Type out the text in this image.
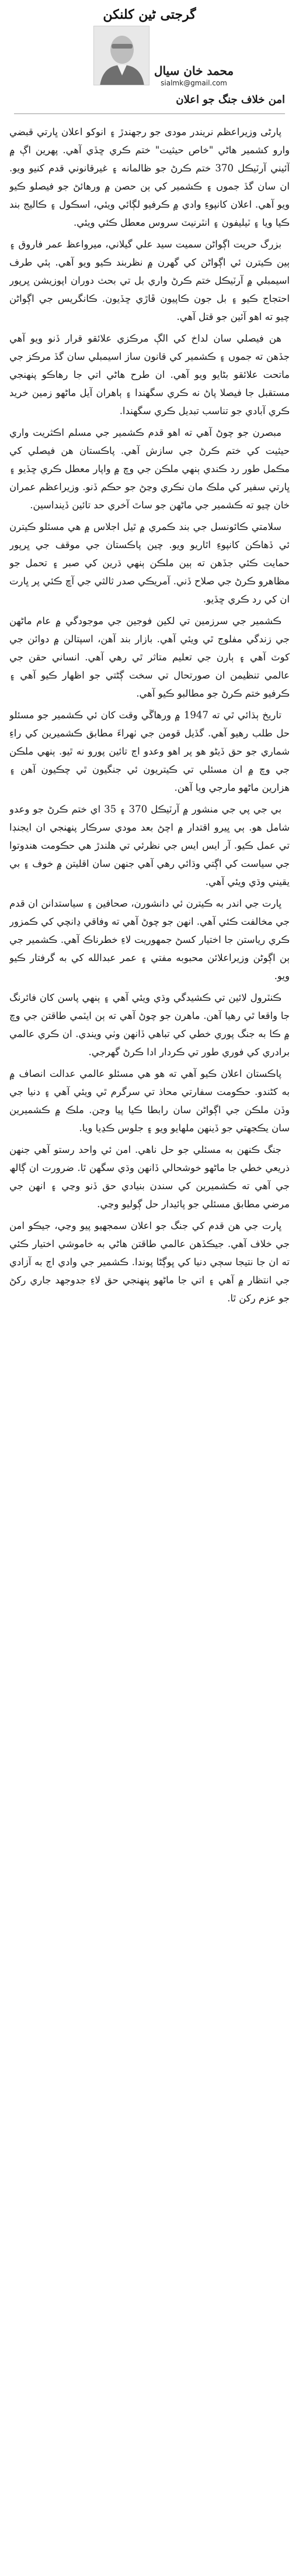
گرجتی ٹین کلنکن
محمد خان سیال
sialmk@gmail.com
امن خلاف جنگ جو اعلان

پارٹی وزیراعظم نریندر مودی جو رجھندڙ ۽ انوکو اعلان ڀارتي قبضي وارو کشمير ھاڻي "خاص حيثيت" ختم ڪري ڇڏي آھي. پھرين اڳ ۾ آئيني آرٽيڪل 370 ختم ڪرڻ جو ظالمانه ۽ غيرقانوني قدم کنيو ويو. ان سان گڏ جموں ۽ ڪشمير کي ٻن حصن ۾ ورھائڻ جو فيصلو ڪيو ويو آھي. اعلان کانپوءِ وادي ۾ ڪرفيو لڳائي ويئي، اسڪول ۽ ڪاليج بند ڪيا ويا ۽ ٽيليفون ۽ انٽرنيٽ سروس معطل ڪئي ويئي.

بزرگ حريت اڳواڻن سميت سيد علي گيلاني، ميرواعظ عمر فاروق ۽ ٻين ڪيترن ئي اڳواڻن کي گھرن ۾ نظربند ڪيو ويو آھي. ٻئي طرف اسيمبلي ۾ آرٽيڪل ختم ڪرڻ واري بل تي بحث دوران اپوزيشن ڀرپور احتجاج ڪيو ۽ بل جون ڪاپيون ڦاڙي ڇڏيون. ڪانگريس جي اڳواڻن چيو ته اھو آئين جو قتل آھي.

ھن فيصلي سان لداخ کي الڳ مرڪزي علائقو قرار ڏنو ويو آھي جڏھن ته جموں ۽ ڪشمير کي قانون ساز اسيمبلي سان گڏ مرڪز جي ماتحت علائقو بڻايو ويو آھي. ان طرح ھاڻي اتي جا رھاڪو پنھنجي مستقبل جا فيصلا پاڻ نه ڪري سگھندا ۽ ٻاھران آيل ماڻھو زمين خريد ڪري آبادي جو تناسب تبديل ڪري سگھندا.

مبصرن جو چوڻ آھي ته اھو قدم ڪشمير جي مسلم اڪثريت واري حيثيت کي ختم ڪرڻ جي سازش آھي. پاڪستان ھن فيصلي کي مڪمل طور رد ڪندي ٻنھي ملڪن جي وچ ۾ واپار معطل ڪري ڇڏيو ۽ ڀارتي سفير کي ملڪ مان نڪري وڃڻ جو حڪم ڏنو. وزيراعظم عمران خان چيو ته ڪشمير جي ماڻھن جو ساٿ آخري حد تائين ڏينداسين.

سلامتي ڪائونسل جي بند ڪمري ۾ ٿيل اجلاس ۾ ھي مسئلو ڪيترن ئي ڏهاڪن کانپوءِ اٿاريو ويو. چين پاڪستان جي موقف جي ڀرپور حمايت ڪئي جڏھن ته ٻين ملڪن ٻنھي ڌرين کي صبر ۽ تحمل جو مظاھرو ڪرڻ جي صلاح ڏني. آمريڪي صدر ثالثي جي آڇ ڪئي پر ڀارت ان کي رد ڪري ڇڏيو.

ڪشمير جي سرزمين تي لکين فوجين جي موجودگي ۾ عام ماڻھن جي زندگي مفلوج ٿي ويئي آھي. بازار بند آھن، اسپتالن ۾ دوائن جي کوٽ آھي ۽ ٻارن جي تعليم متاثر ٿي رھي آھي. انساني حقن جي عالمي تنظيمن ان صورتحال تي سخت ڳڻتي جو اظھار ڪيو آھي ۽ ڪرفيو ختم ڪرڻ جو مطالبو ڪيو آھي.

تاريخ ٻڌائي ٿي ته 1947 ۾ ورھاڱي وقت کان ئي ڪشمير جو مسئلو حل طلب رھيو آھي. گڏيل قومن جي ٺھراءَ مطابق ڪشميرين کي راءِ شماري جو حق ڏيڻو ھو پر اھو وعدو اڄ تائين پورو نه ٿيو. ٻنھي ملڪن جي وچ ۾ ان مسئلي تي ڪيتريون ئي جنگيون ٿي چڪيون آھن ۽ ھزارين ماڻھو مارجي ويا آھن.

بي جي پي جي منشور ۾ آرٽيڪل 370 ۽ 35 اي ختم ڪرڻ جو وعدو شامل ھو. ٻي ڀيرو اقتدار ۾ اچڻ بعد مودي سرڪار پنھنجي ان ايجنڊا تي عمل ڪيو. آر ايس ايس جي نظرئي تي ھلندڙ ھي حڪومت ھندوتوا جي سياست کي اڳتي وڌائي رھي آھي جنھن سان اقليتن ۾ خوف ۽ بي يقيني وڌي ويئي آھي.

ڀارت جي اندر به ڪيترن ئي دانشورن، صحافين ۽ سياستدانن ان قدم جي مخالفت ڪئي آھي. انھن جو چوڻ آھي ته وفاقي ڍانچي کي ڪمزور ڪري رياستن جا اختيار کسڻ جمهوريت لاءِ خطرناڪ آھي. ڪشمير جي ٻن اڳوڻن وزيراعلائن محبوبه مفتي ۽ عمر عبدالله کي به گرفتار ڪيو ويو.

ڪنٽرول لائين تي ڪشيدگي وڌي ويئي آھي ۽ ٻنھي پاسن کان فائرنگ جا واقعا ٿي رھيا آھن. ماھرن جو چوڻ آھي ته ٻن ايٽمي طاقتن جي وچ ۾ ڪا به جنگ پوري خطي کي تباھي ڏانھن وٺي ويندي. ان ڪري عالمي برادري کي فوري طور تي ڪردار ادا ڪرڻ گھرجي.

پاڪستان اعلان ڪيو آھي ته ھو ھي مسئلو عالمي عدالت انصاف ۾ به کڻندو. حڪومت سفارتي محاذ تي سرگرم ٿي ويئي آھي ۽ دنيا جي وڏن ملڪن جي اڳواڻن سان رابطا ڪيا پيا وڃن. ملڪ ۾ ڪشميرين سان يڪجھتي جو ڏينھن ملهايو ويو ۽ جلوس ڪڍيا ويا.

جنگ ڪنھن به مسئلي جو حل ناھي. امن ئي واحد رستو آھي جنھن ذريعي خطي جا ماڻھو خوشحالي ڏانھن وڌي سگھن ٿا. ضرورت ان ڳالھ جي آھي ته ڪشميرين کي سندن بنيادي حق ڏنو وڃي ۽ انھن جي مرضي مطابق مسئلي جو پائيدار حل ڳوليو وڃي.

ڀارت جي ھن قدم کي جنگ جو اعلان سمجھيو پيو وڃي، جيڪو امن جي خلاف آھي. جيڪڏھن عالمي طاقتن ھاڻي به خاموشي اختيار ڪئي ته ان جا نتيجا سڄي دنيا کي ڀوڳڻا پوندا. ڪشمير جي وادي اڄ به آزادي جي انتظار ۾ آھي ۽ اتي جا ماڻھو پنھنجي حق لاءِ جدوجهد جاري رکڻ جو عزم رکن ٿا.
